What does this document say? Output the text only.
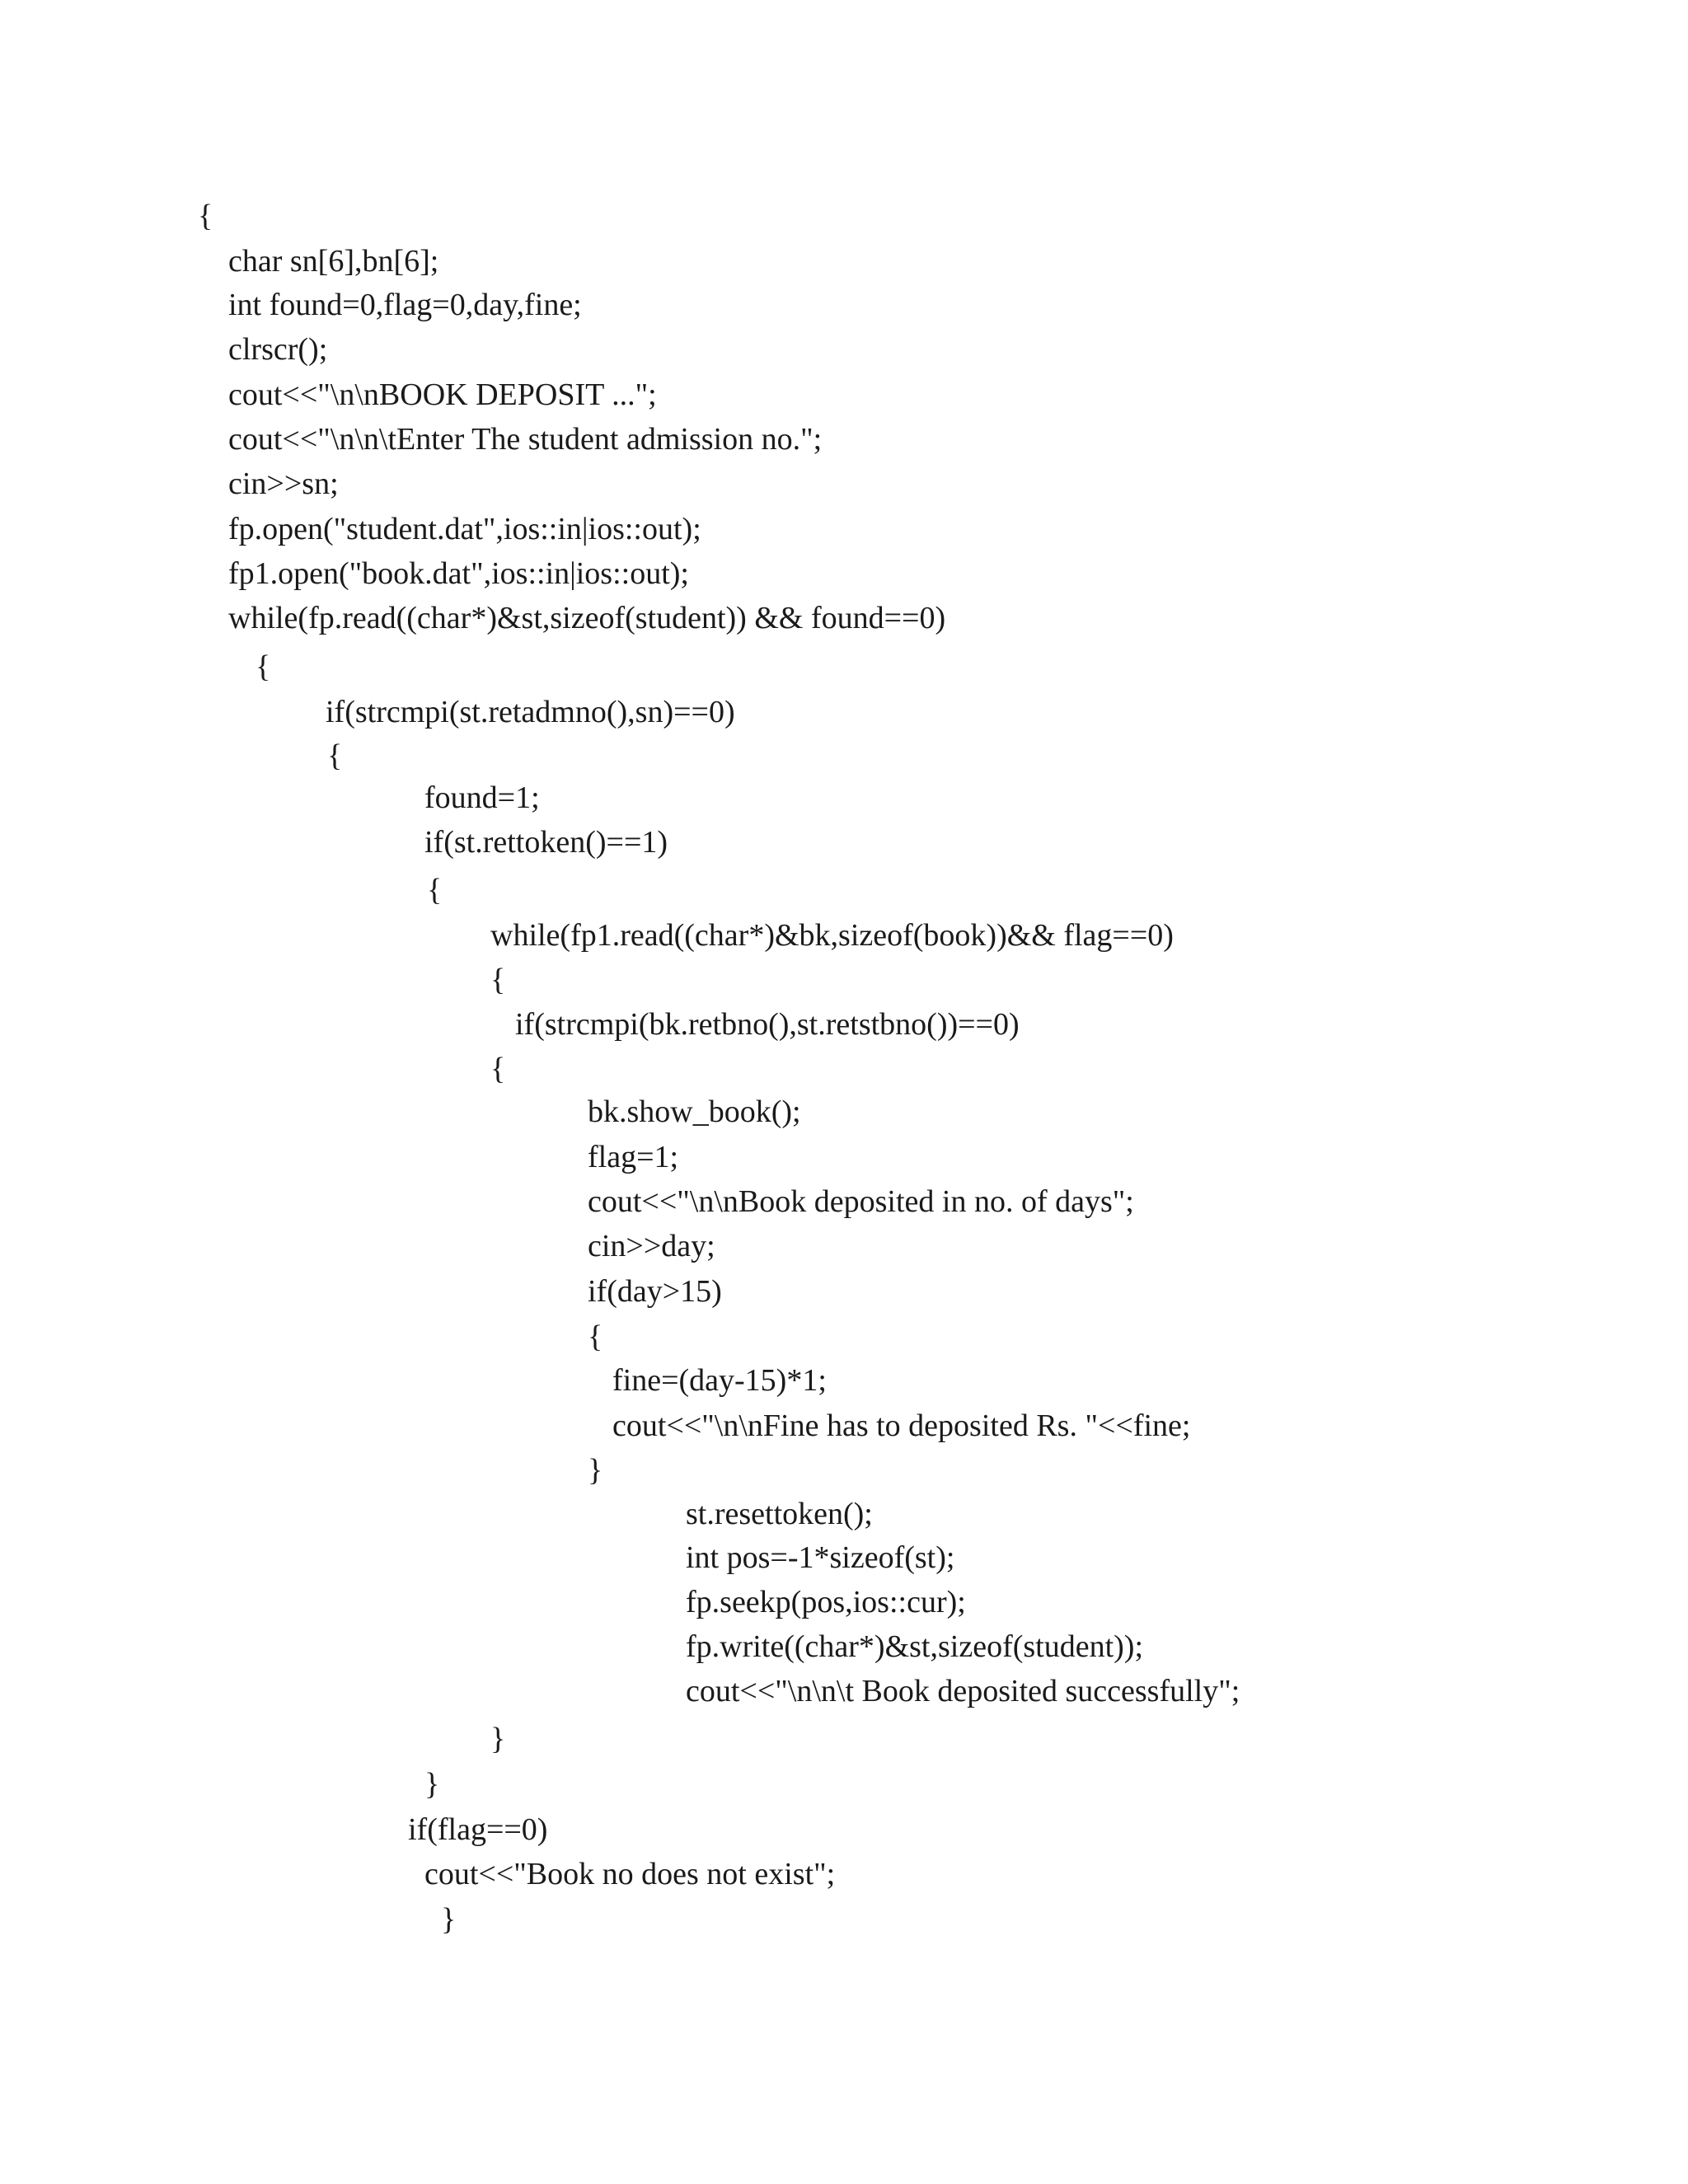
{
char sn[6],bn[6];
int found=0,flag=0,day,fine;
clrscr();
cout<<"\n\nBOOK DEPOSIT ...";
cout<<"\n\n\tEnter The student admission no.";
cin>>sn;
fp.open("student.dat",ios::in|ios::out);
fp1.open("book.dat",ios::in|ios::out);
while(fp.read((char*)&st,sizeof(student)) && found==0)
{
if(strcmpi(st.retadmno(),sn)==0)
{
found=1;
if(st.rettoken()==1)
{
while(fp1.read((char*)&bk,sizeof(book))&& flag==0)
{
if(strcmpi(bk.retbno(),st.retstbno())==0)
{
bk.show_book();
flag=1;
cout<<"\n\nBook deposited in no. of days";
cin>>day;
if(day>15)
{
fine=(day-15)*1;
cout<<"\n\nFine has to deposited Rs. "<<fine;
}
st.resettoken();
int pos=-1*sizeof(st);
fp.seekp(pos,ios::cur);
fp.write((char*)&st,sizeof(student));
cout<<"\n\n\t Book deposited successfully";
}
}
if(flag==0)
cout<<"Book no does not exist";
}
